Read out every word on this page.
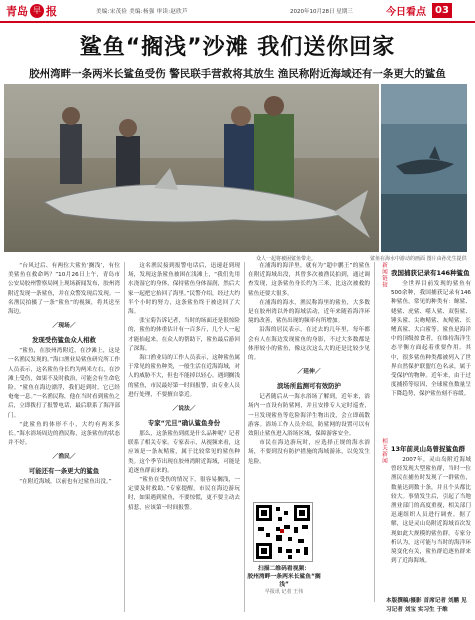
青岛 早 报	美编:宋茂俭 美编:杨强 审读:赵欣芦	2020年10月28日 星期三	今日看点 03
鲨鱼“搁浅”沙滩 我们送你回家
胶州湾畔一条两米长鲨鱼受伤 警民联手营救将其放生 渔民称附近海域还有一条更大的鲨鱼
众人一起将被困鲨鱼带走。	鲨鱼在海水中游动的画面 图片由孙先生提供

“台风过后、有两位大鲨鱼‘搁浅’，有位美鲨鱼在救命吗？”10月26日上午，青岛市公安局胶州警察局网上现场新闻发布，胶州湾附近发现一条鲨鱼，并在众警发现后发现。一名渔民拍摄了一条“鲨鱼”的视频，将其送至海边。

／现场／
发现受伤鲨鱼众人相救

“鲨鱼，在胶州湾附近，在沙滩上，这是一名渔民发现的。”海口渔业局鲨鱼研究所工作人员表示，这名鲨鱼身长约为两米左右，在沙滩上受伤，如果不及时救治，可能会有生命危险。“鲨鱼在海边漂浮，我们赶到时，它已经奄奄一息。”一名渔民称，他在当时看到鲨鱼之后，立即拨打了报警电话，最后联系了海洋部门。

“此鲨鱼的体形不小，大约有两米多长。”海水浴场周边的渔民称，这条鲨鱼的状态并不好。

／渔民／
可能还有一条更大的鲨鱼

“在附近海域，以前也有过鲨鱼出没。”

这名渔民接到报警电话后，迅速赶到现场，发现这条鲨鱼被困在浅滩上，“我们先用水浇湿它的身体，保持鲨鱼身体湿润，然后大家一起把它抬回了海里。”民警介绍，经过大约半个小时的努力，这条鲨鱼终于被送回了大海。

张宝菊告诉记者，当时的场面还是很惊险的，鲨鱼的体重估计有一百多斤，几个人一起才能抬起来。在众人的帮助下，鲨鱼最后游回了深海。

海口渔业局的工作人员表示，这种鲨鱼属于常见的鲨鱼种类，一般生活在近海海域，对人的威胁不大，但也不能掉以轻心。遇到搁浅的鲨鱼，市民最好第一时间报警，由专业人员进行处理，不要擅自靠近。

／说法／
专家“元旦”确认鲨鱼身份

那么，这条鲨鱼到底是什么品种呢？记者联系了相关专家。专家表示，从视频来看，这应该是一条灰鲭鲨，属于比较常见的鲨鱼种类。这个季节出现在胶州湾附近海域，可能是追逐鱼群而来的。

“鲨鱼在受伤的情况下，很容易搁浅，一定要及时救助。”专家提醒，市民在海边游玩时，如果遇到鲨鱼，不要惊慌，更不要主动去招惹，应该第一时间报警。

在浦海的海洋里，就有为“超中鹏王”的鲨鱼在附近海域出没，其曾多次被渔民拍到，通过调查发现，这条鲨鱼身长约为三米，比这次被救的鲨鱼还要大很多。

在浦海的海水，渔民称海里的鲨鱼，大多数是在胶州湾以外的海域活动，近年来随着海洋环境的改善，鲨鱼出现的频率有所增加。

沿海的居民表示，在过去的几年里，每年都会有人在海边发现鲨鱼的身影，不过大多数都是体形较小的鲨鱼，像这次这么大的还是比较少见的。

／延伸／
滨场所监测可有效防护

记者随后从一海水浴场了解到，近年来，浴场内一直设有防鲨网，并且安排专人定时巡查，一旦发现鲨鱼等危险海洋生物出没，会立即疏散游客。浴场工作人员介绍，防鲨网的设置可以有效阻止鲨鱼进入浴场区域，保障游客安全。

市民在海边游玩时，应选择正规的海水浴场，不要到没有防护措施的海域游泳，以免发生危险。

扫描二维码看视频：
胶州湾畔一条两米长鲨鱼“搁浅”
早报讯 记者 王伟
新闻链接 我国捕获记录有146种鲨鱼

全世界目前发现的鲨鱼有500余种，我国捕获记录有146种鲨鱼，常见的种类有：鲸鲨、姥鲨、虎鲨、噬人鲨、双髻鲨、锤头鲨、尖吻鲭鲨、灰鲭鲨、长鳍真鲨、大白鲨等。鲨鱼是海洋中的顶级掠食者，在维持海洋生态平衡方面起着重要作用。其中，很多鲨鱼种类都被列入了世界自然保护联盟红色名录，属于受保护的物种。近年来，由于过度捕捞等原因，全球鲨鱼数量呈下降趋势，保护鲨鱼刻不容缓。

相关新闻 13年前灵山岛曾捉鲨鱼群

2007年，灵山岛附近海域曾经发现大型鲨鱼群，当时一位渔民在捕鱼时发现了一群鲨鱼，数量达到数十条，并且个头都比较大。事情发生后，引起了当地渔业部门的高度重视，相关部门迅速组织人员进行调查。据了解，这是灵山岛附近海域首次发现如此大规模的鲨鱼群。专家分析认为，这可能与当时的海洋环境变化有关，鲨鱼群追逐鱼群来到了近海海域。

本版撰稿/摄影 首席记者 刘鹏 见习记者 刘宝 实习生 于维
